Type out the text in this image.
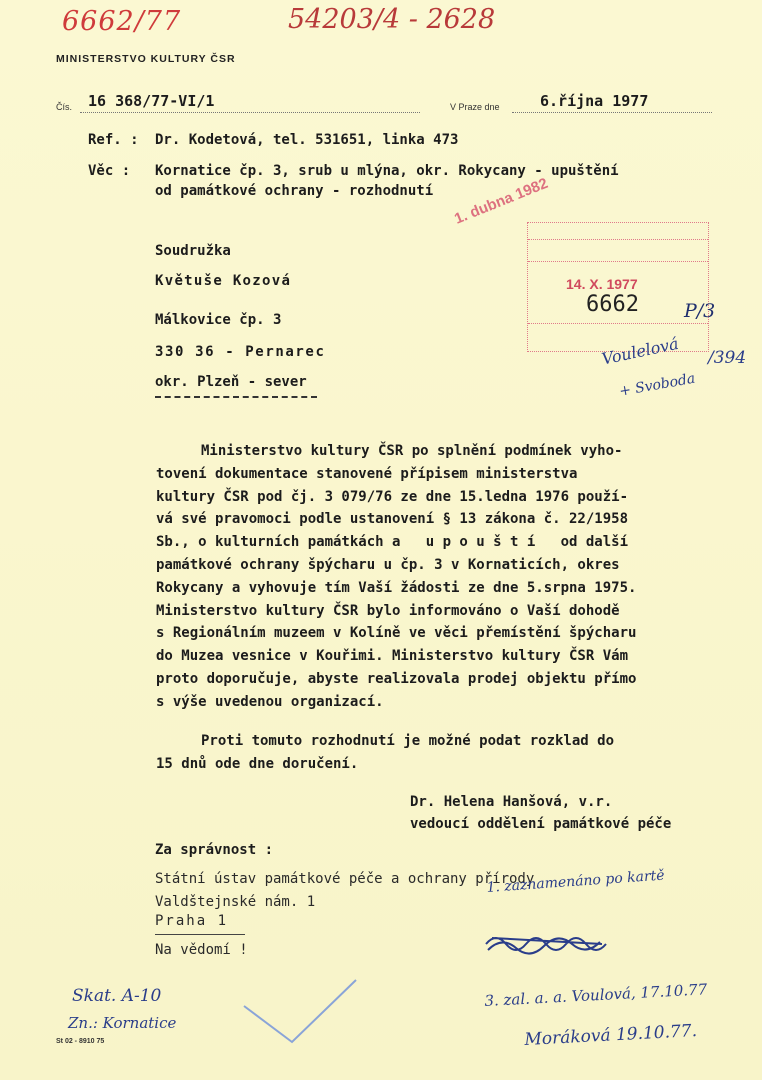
6662/77	54203/4 - 2628
MINISTERSTVO KULTURY ČSR
Čís. 16 368/77-VI/1	V Praze dne	6.října 1977
Ref. : Dr. Kodetová, tel. 531651, linka 473
Věc : Kornatice čp. 3, srub u mlýna, okr. Rokycany - upuštění
od památkové ochrany - rozhodnutí 1. dubna 1982
14. X. 1977
6662 P/3
Voulelová /394
+ Svoboda
Soudružka
Květuše Kozová
Málkovice čp. 3
330 36 - Pernarec
okr. Plzeň - sever
Ministerstvo kultury ČSR po splnění podmínek vyho-
tovení dokumentace stanovené přípisem ministerstva
kultury ČSR pod čj. 3 079/76 ze dne 15.ledna 1976 použí-
vá své pravomoci podle ustanovení § 13 zákona č. 22/1958
Sb., o kulturních památkách a   u p o u š t í   od další
památkové ochrany špýcharu u čp. 3 v Kornaticích, okres
Rokycany a vyhovuje tím Vaší žádosti ze dne 5.srpna 1975.
Ministerstvo kultury ČSR bylo informováno o Vaší dohodě
s Regionálním muzeem v Kolíně ve věci přemístění špýcharu
do Muzea vesnice v Kouřimi. Ministerstvo kultury ČSR Vám
proto doporučuje, abyste realizovala prodej objektu přímo
s výše uvedenou organizací.
Proti tomuto rozhodnutí je možné podat rozklad do
15 dnů ode dne doručení.
Dr. Helena Hanšová, v.r.
vedoucí oddělení památkové péče
Za správnost :
Státní ústav památkové péče a ochrany přírody
Valdštejnské nám. 1
Praha 1
Na vědomí !
1. zaznamenáno po kartě
Skat. A-10
Zn.: Kornatice
St 02 - 8910 75
3. zal. a. a. Voulová, 17.10.77
Moráková 19.10.77.
